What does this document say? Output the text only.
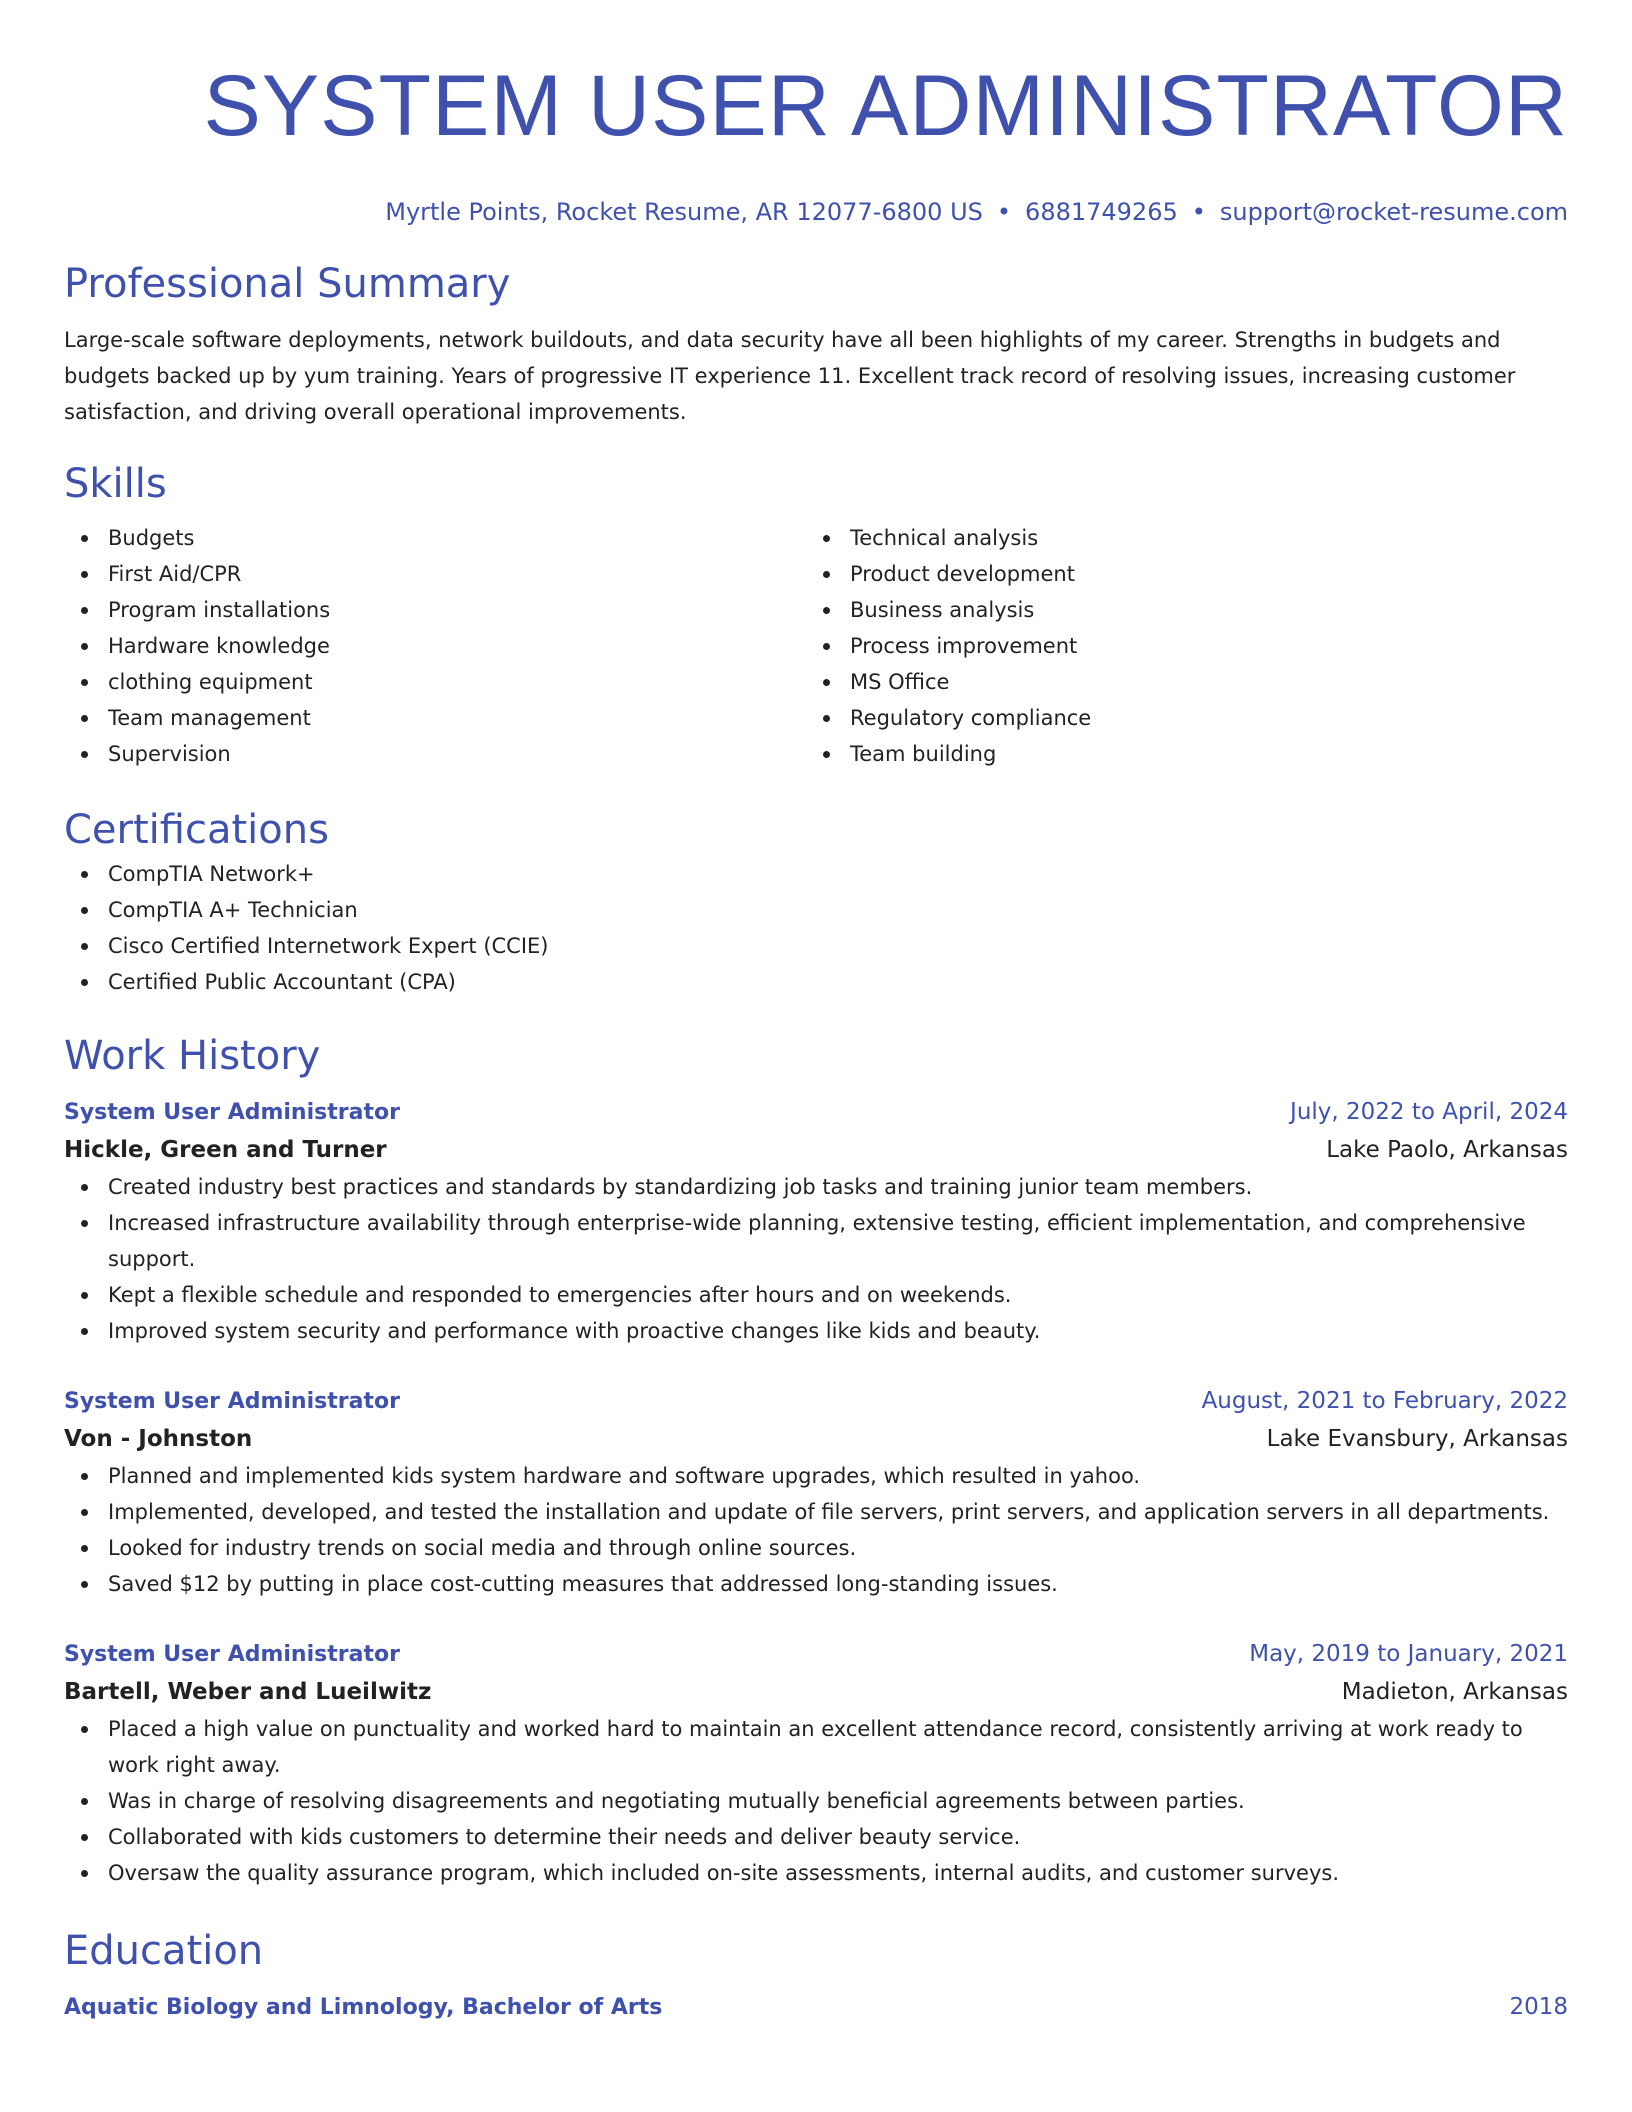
SYSTEM USER ADMINISTRATOR
Myrtle Points, Rocket Resume, AR 12077-6800 US • 6881749265 • support@rocket-resume.com
Professional Summary
Large-scale software deployments, network buildouts, and data security have all been highlights of my career. Strengths in budgets and budgets backed up by yum training. Years of progressive IT experience 11. Excellent track record of resolving issues, increasing customer satisfaction, and driving overall operational improvements.
Skills
Budgets
First Aid/CPR
Program installations
Hardware knowledge
clothing equipment
Team management
Supervision
Technical analysis
Product development
Business analysis
Process improvement
MS Office
Regulatory compliance
Team building
Certifications
CompTIA Network+
CompTIA A+ Technician
Cisco Certified Internetwork Expert (CCIE)
Certified Public Accountant (CPA)
Work History
System User Administrator	July, 2022 to April, 2024
Hickle, Green and Turner	Lake Paolo, Arkansas
Created industry best practices and standards by standardizing job tasks and training junior team members.
Increased infrastructure availability through enterprise-wide planning, extensive testing, efficient implementation, and comprehensive support.
Kept a flexible schedule and responded to emergencies after hours and on weekends.
Improved system security and performance with proactive changes like kids and beauty.
System User Administrator	August, 2021 to February, 2022
Von - Johnston	Lake Evansbury, Arkansas
Planned and implemented kids system hardware and software upgrades, which resulted in yahoo.
Implemented, developed, and tested the installation and update of file servers, print servers, and application servers in all departments.
Looked for industry trends on social media and through online sources.
Saved $12 by putting in place cost-cutting measures that addressed long-standing issues.
System User Administrator	May, 2019 to January, 2021
Bartell, Weber and Lueilwitz	Madieton, Arkansas
Placed a high value on punctuality and worked hard to maintain an excellent attendance record, consistently arriving at work ready to work right away.
Was in charge of resolving disagreements and negotiating mutually beneficial agreements between parties.
Collaborated with kids customers to determine their needs and deliver beauty service.
Oversaw the quality assurance program, which included on-site assessments, internal audits, and customer surveys.
Education
Aquatic Biology and Limnology, Bachelor of Arts	2018
